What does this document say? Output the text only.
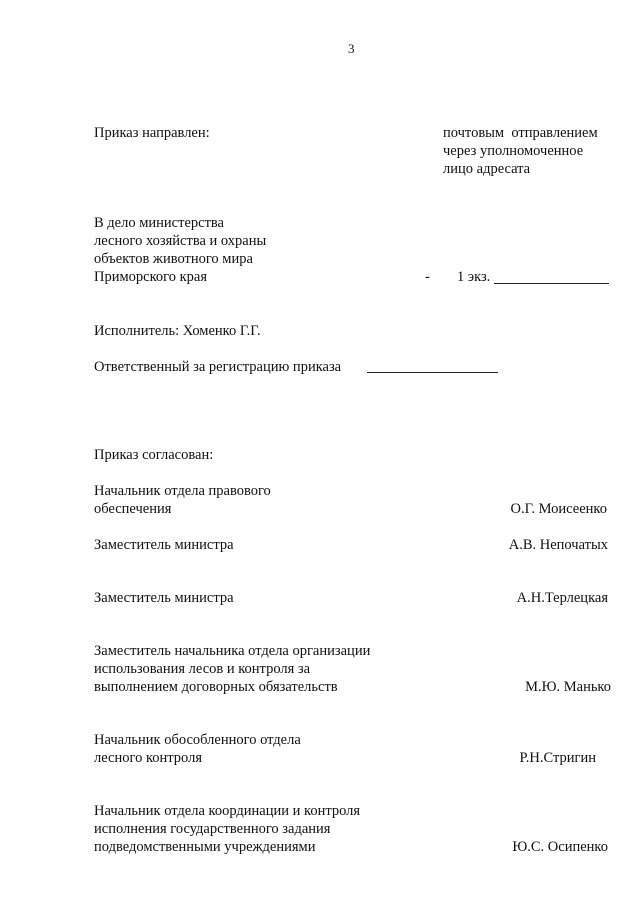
3
Приказ направлен:	почтовым  отправлением
через уполномоченное
лицо адресата
В дело министерства
лесного хозяйства и охраны
объектов животного мира
Приморского края	- 1 экз.
Исполнитель: Хоменко Г.Г.
Ответственный за регистрацию приказа
Приказ согласован:
Начальник отдела правового
обеспечения	О.Г. Моисеенко
Заместитель министра	А.В. Непочатых
Заместитель министра	А.Н.Терлецкая
Заместитель начальника отдела организации
использования лесов и контроля за
выполнением договорных обязательств	М.Ю. Манько
Начальник обособленного отдела
лесного контроля	Р.Н.Стригин
Начальник отдела координации и контроля
исполнения государственного задания
подведомственными учреждениями	Ю.С. Осипенко
